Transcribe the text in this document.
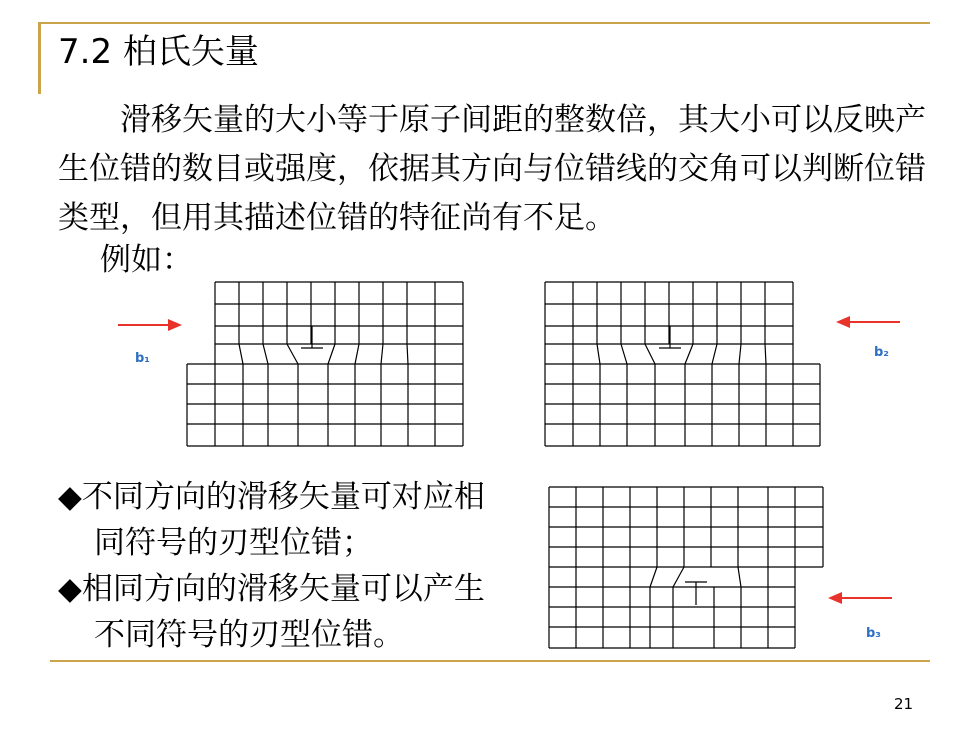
7.2 柏氏矢量
滑移矢量的大小等于原子间距的整数倍，其大小可以反映产生位错的数目或强度，依据其方向与位错线的交角可以判断位错类型，但用其描述位错的特征尚有不足。
例如：
b₁	b₂
b₃
◆不同方向的滑移矢量可对应相
同符号的刃型位错；
◆相同方向的滑移矢量可以产生
不同符号的刃型位错。
21
